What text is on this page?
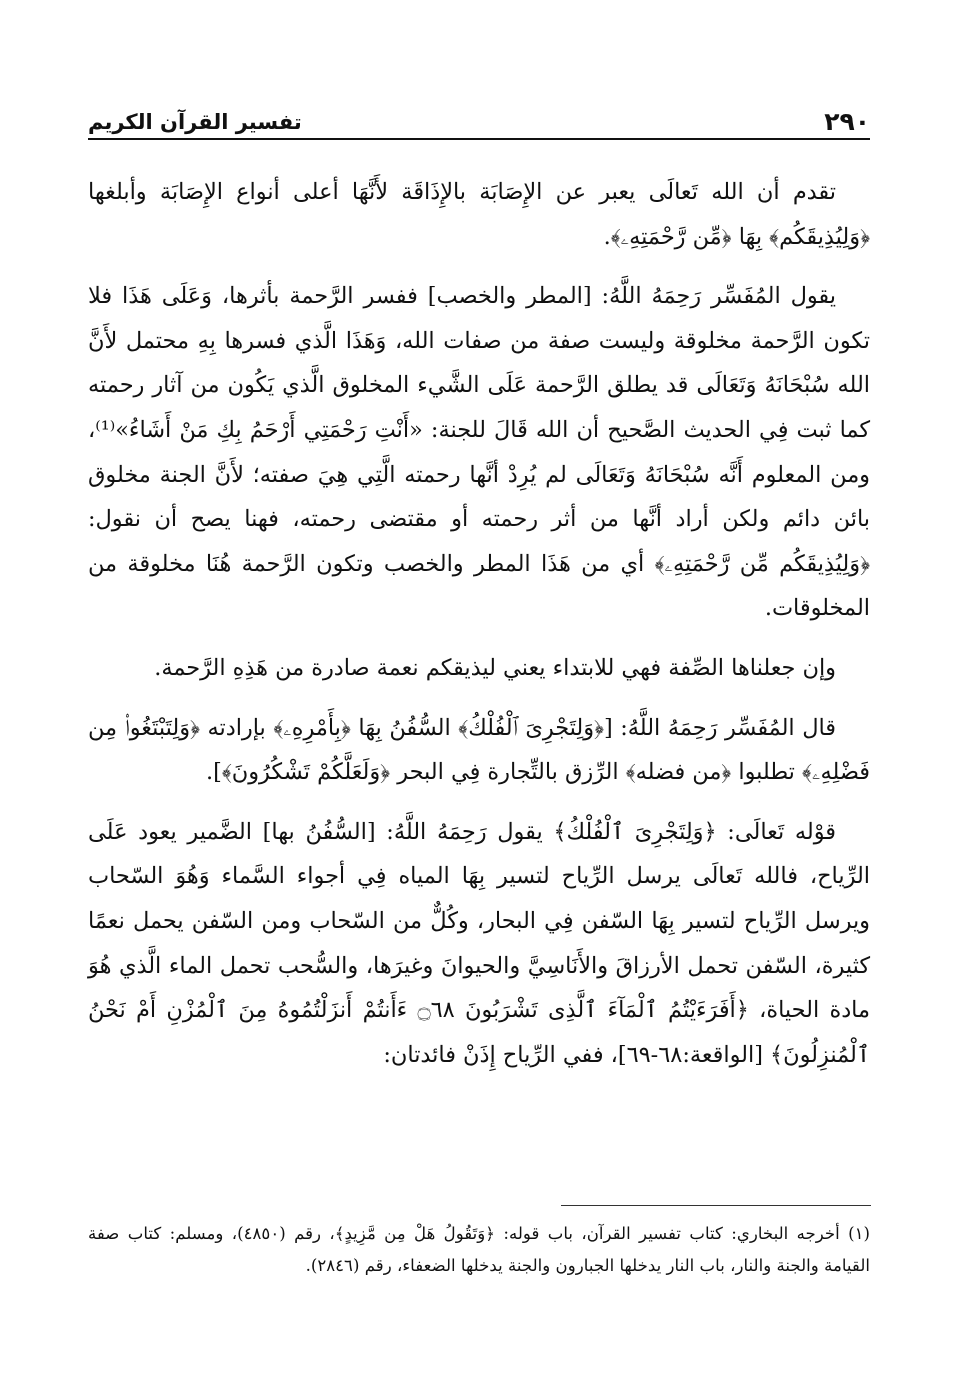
٢٩٠
تفسير القرآن الكريم

تقدم أن الله تَعالَى يعبر عن الإِصَابَة بالإِذَاقَة لأَنَّهَا أعلى أنواع الإِصَابَة وأبلغها ﴿وَلِيُذِيقَكُم﴾ بِهَا ﴿مِّن رَّحْمَتِهِۦ﴾.

يقول المُفَسِّر رَحِمَهُ اللَّهُ: [المطر والخصب] ففسر الرَّحمة بأثرها، وَعَلَى هَذَا فلا تكون الرَّحمة مخلوقة وليست صفة من صفات الله، وَهَذَا الَّذي فسرها بِهِ محتمل لأَنَّ الله سُبْحَانَهُ وَتَعَالَى قد يطلق الرَّحمة عَلَى الشَّيء المخلوق الَّذي يَكُون من آثار رحمته كما ثبت فِي الحديث الصَّحيح أن الله قَالَ للجنة: «أَنْتِ رَحْمَتِي أَرْحَمُ بِكِ مَنْ أَشَاءُ»⁽¹⁾، ومن المعلوم أَنَّه سُبْحَانَهُ وَتَعَالَى لم يُرِدْ أنَّها رحمته الَّتِي هِيَ صفته؛ لأَنَّ الجنة مخلوق بائن دائم ولكن أراد أنَّها من أثر رحمته أو مقتضى رحمته، فهنا يصح أن نقول: ﴿وَلِيُذِيقَكُم مِّن رَّحْمَتِهِۦ﴾ أي من هَذَا المطر والخصب وتكون الرَّحمة هُنَا مخلوقة من المخلوقات.

وإن جعلناها الصِّفة فهي للابتداء يعني ليذيقكم نعمة صادرة من هَذِهِ الرَّحمة.

قال المُفَسِّر رَحِمَهُ اللَّهُ: [﴿وَلِتَجْرِىَ ٱلْفُلْكُ﴾ السُّفُنُ بِهَا ﴿بِأَمْرِهِۦ﴾ بإرادته ﴿وَلِتَبْتَغُوا۟ مِن فَضْلِهِۦ﴾ تطلبوا ﴿من فضله﴾ الرِّزق بالتِّجارة فِي البحر ﴿وَلَعَلَّكُمْ تَشْكُرُونَ﴾].

قوْله تَعالَى: ﴿وَلِتَجْرِىَ ٱلْفُلْكُ﴾ يقول رَحِمَهُ اللَّهُ: [السُّفُنُ بها] الضَّمير يعود عَلَى الرِّياح، فالله تَعالَى يرسل الرِّياح لتسير بِهَا المياه فِي أجواء السَّماء وَهُوَ السّحاب ويرسل الرِّياح لتسير بِهَا السّفن فِي البحار، وكُلٌّ من السّحاب ومن السّفن يحمل نعمًا كثيرة، السّفن تحمل الأرزاقَ والأَنَاسِيَّ والحيوانَ وغيرَها، والسُّحب تحمل الماء الَّذي هُوَ مادة الحياة، ﴿أَفَرَءَيْتُمُ ٱلْمَآءَ ٱلَّذِى تَشْرَبُونَ ۝٦٨ ءَأَنتُمْ أَنزَلْتُمُوهُ مِنَ ٱلْمُزْنِ أَمْ نَحْنُ ٱلْمُنزِلُونَ﴾ [الواقعة:٦٨-٦٩]، ففي الرِّياح إِذَنْ فائدتان:

(١) أخرجه البخاري: كتاب تفسير القرآن، باب قوله: ﴿وَتَقُولُ هَلْ مِن مَّزِيدٍ﴾، رقم (٤٨٥٠)، ومسلم: كتاب صفة القيامة والجنة والنار، باب النار يدخلها الجبارون والجنة يدخلها الضعفاء، رقم (٢٨٤٦).
